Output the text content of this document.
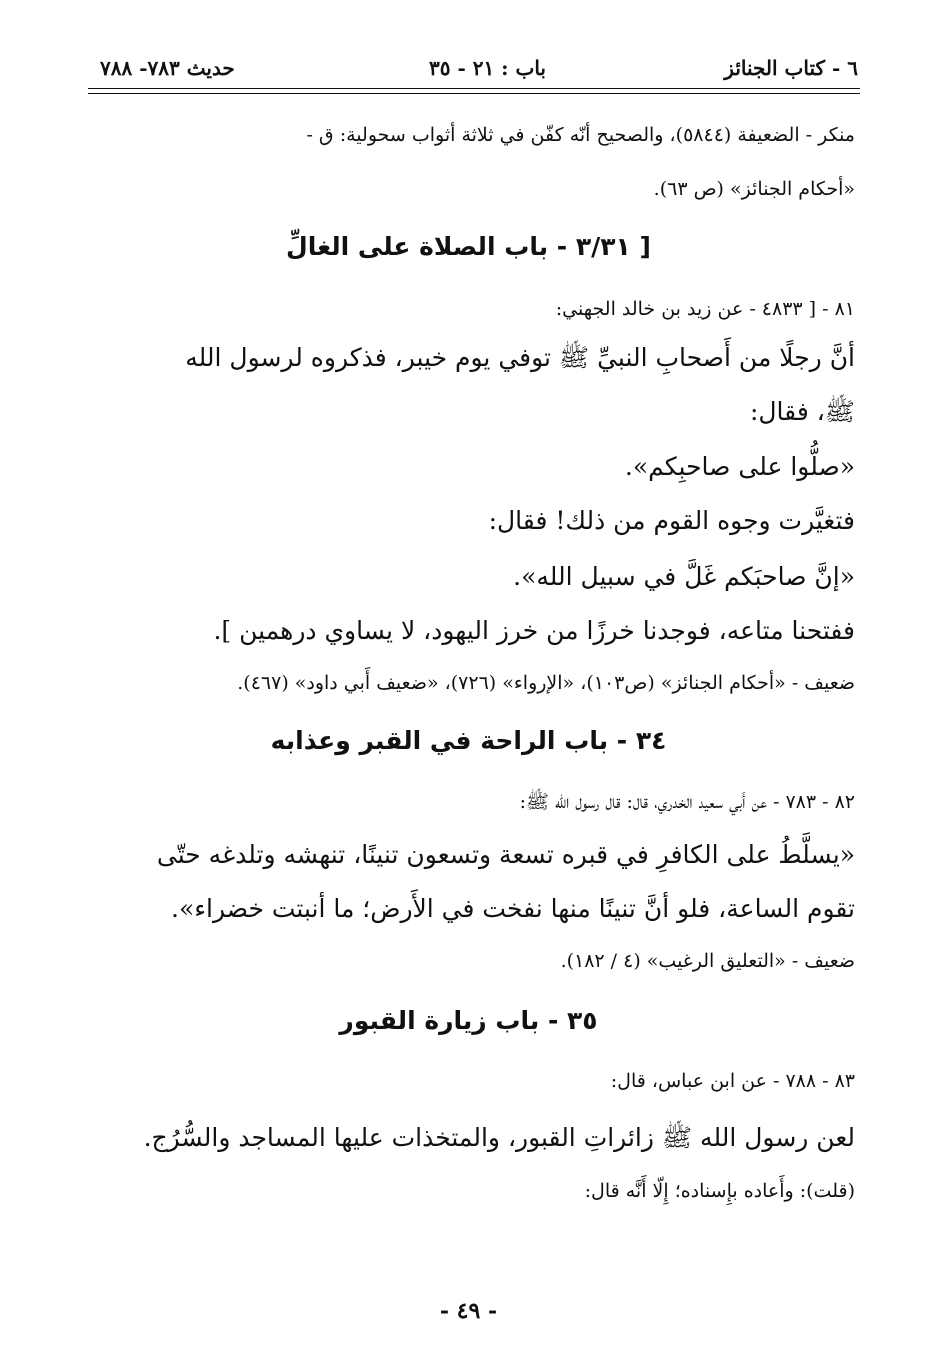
٦ - كتاب الجنائز
باب : ٢١ - ٣٥
حديث ٧٨٣- ٧٨٨
منكر - الضعيفة (٥٨٤٤)، والصحيح أنّه كفّن في ثلاثة أثواب سحولية: ق -
«أحكام الجنائز» (ص ٦٣).
[ ٣/٣١ - باب الصلاة على الغالِّ
٨١ - [ ٤٨٣٣ - عن زيد بن خالد الجهني:
أنَّ رجلًا من أَصحابِ النبيِّ ﷺ توفي يوم خيبر، فذكروه لرسول الله
ﷺ، فقال:
«صلُّوا على صاحبِكم».
فتغيَّرت وجوه القوم من ذلك! فقال:
«إنَّ صاحبَكم غَلَّ في سبيل الله».
ففتحنا متاعه، فوجدنا خرزًا من خرز اليهود، لا يساوي درهمين ].
ضعيف - «أحكام الجنائز» (ص١٠٣)، «الإرواء» (٧٢٦)، «ضعيف أَبي داود» (٤٦٧).
٣٤ - باب الراحة في القبر وعذابه
٨٢ - ٧٨٣ - عن أَبي سعيد الخدري، قال: قال رسول الله ﷺ:
«يسلَّطُ على الكافرِ في قبره تسعة وتسعون تنينًا، تنهشه وتلدغه حتّى
تقوم الساعة، فلو أنَّ تنينًا منها نفخت في الأَرض؛ ما أنبتت خضراء».
ضعيف - «التعليق الرغيب» (٤ / ١٨٢).
٣٥ - باب زيارة القبور
٨٣ - ٧٨٨ - عن ابن عباس، قال:
لعن رسول الله ﷺ زائراتِ القبور، والمتخذات عليها المساجد والسُّرُج.
(قلت): وأَعاده بإِسناده؛ إِلّا أَنَّه قال:
- ٤٩ -
